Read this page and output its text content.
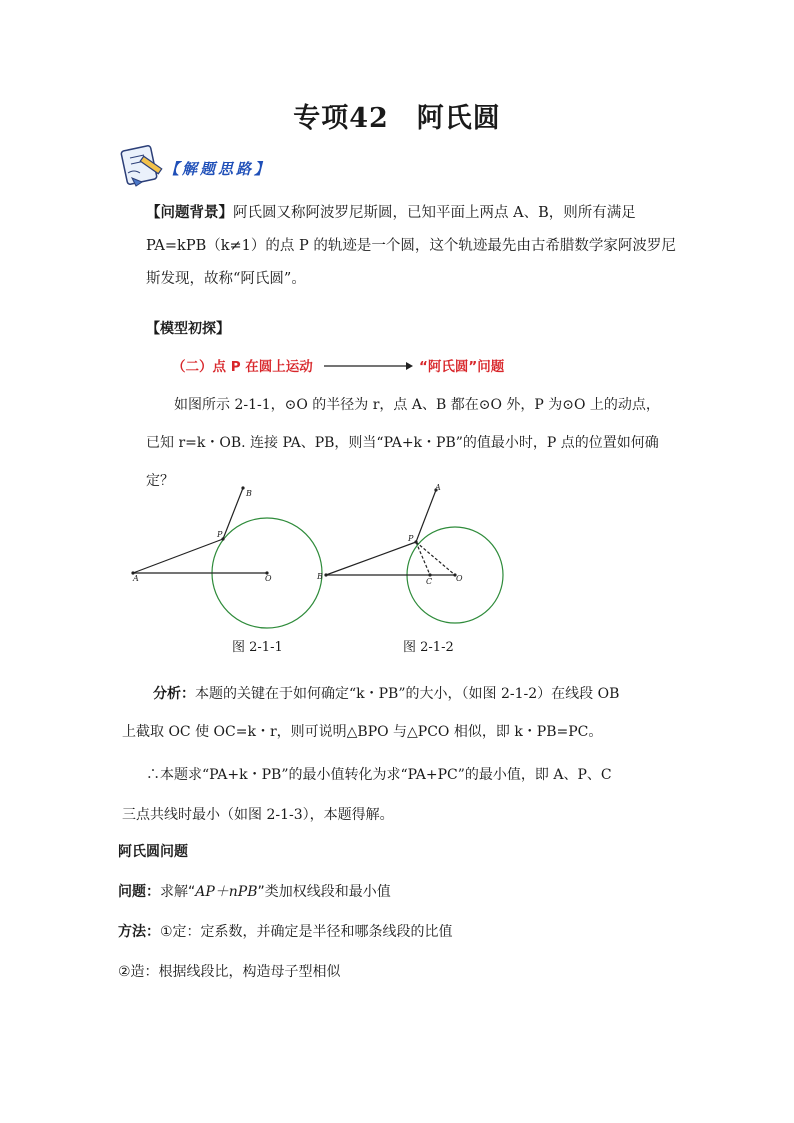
专项42 阿氏圆
【解题思路】
【问题背景】阿氏圆又称阿波罗尼斯圆，已知平面上两点 A、B，则所有满足
PA=kPB（k≠1）的点 P 的轨迹是一个圆，这个轨迹最先由古希腊数学家阿波罗尼
斯发现，故称“阿氏圆”。
【模型初探】
（二）点 P 在圆上运动	“阿氏圆”问题
如图所示 2-1-1，⊙O 的半径为 r，点 A、B 都在⊙O 外，P 为⊙O 上的动点，
已知 r=k・OB. 连接 PA、PB，则当“PA+k・PB”的值最小时，P 点的位置如何确
定？
B
P
A	O
A
P
B
C	O
图 2-1-1	图 2-1-2
分析：本题的关键在于如何确定“k・PB”的大小，（如图 2-1-2）在线段 OB
上截取 OC 使 OC=k・r，则可说明△BPO 与△PCO 相似，即 k・PB=PC。
∴本题求“PA+k・PB”的最小值转化为求“PA+PC”的最小值，即 A、P、C
三点共线时最小（如图 2-1-3），本题得解。
阿氏圆问题
问题：求解“AP＋nPB”类加权线段和最小值
方法：①定：定系数，并确定是半径和哪条线段的比值
②造：根据线段比，构造母子型相似
